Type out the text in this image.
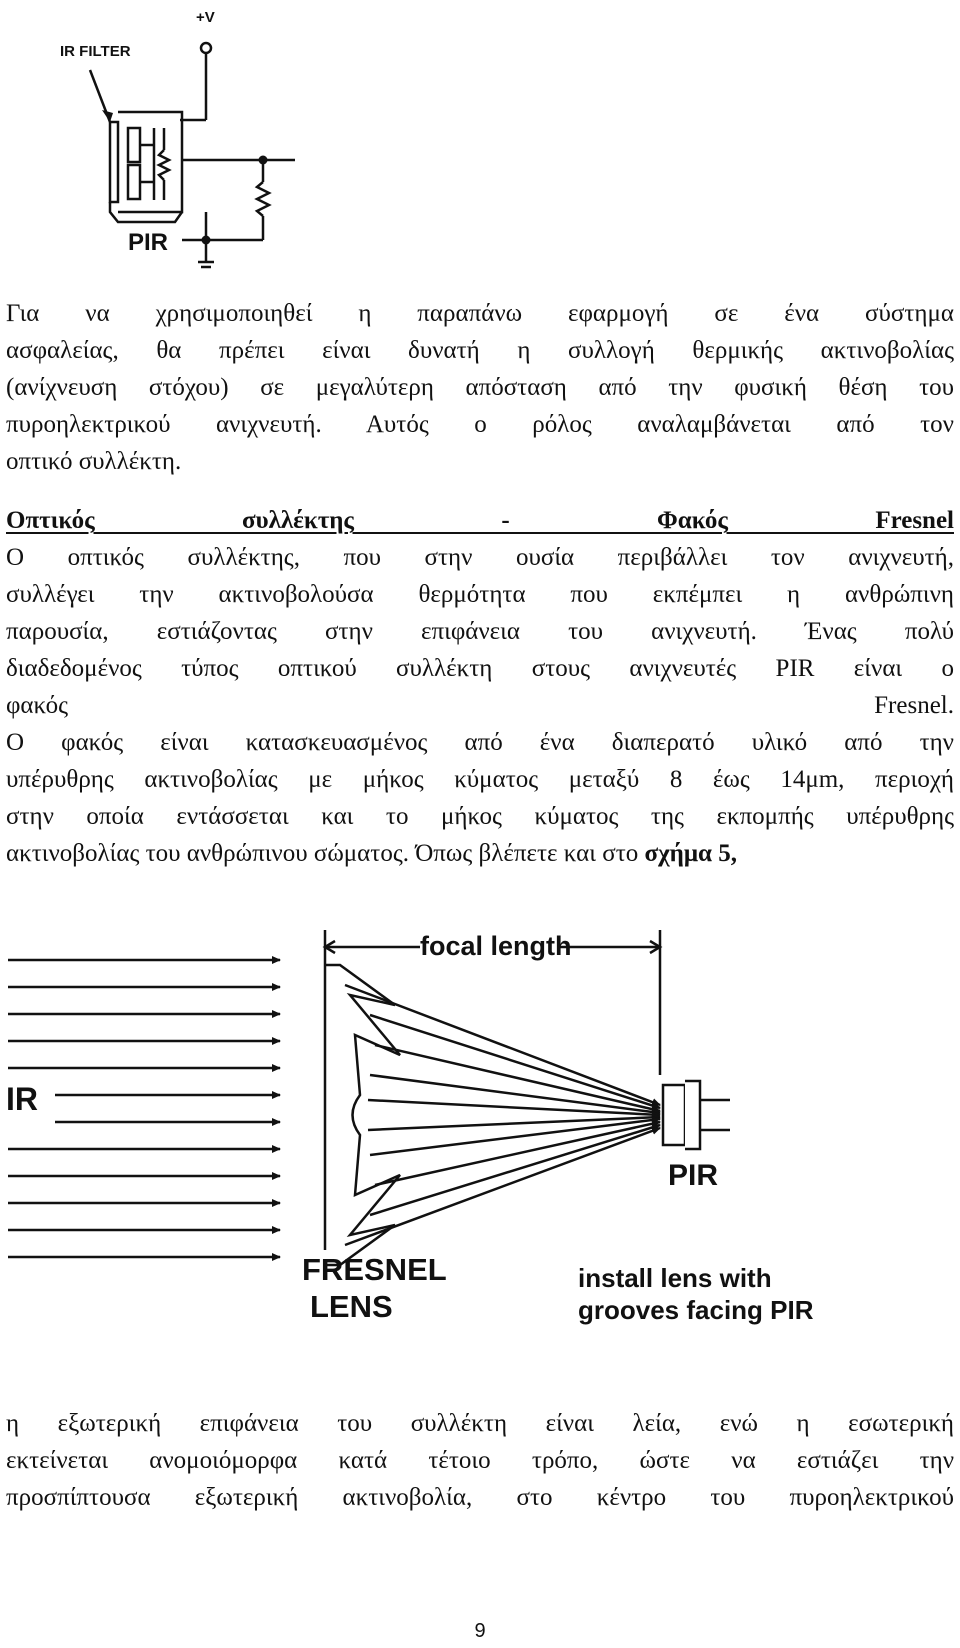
IR FILTER
+V
PIR
Για να χρησιμοποιηθεί η παραπάνω εφαρμογή σε ένα σύστημα
ασφαλείας, θα πρέπει είναι δυνατή η συλλογή θερμικής ακτινοβολίας
(ανίχνευση στόχου) σε μεγαλύτερη απόσταση από την φυσική θέση του
πυροηλεκτρικού ανιχνευτή. Αυτός ο ρόλος αναλαμβάνεται από τον
οπτικό συλλέκτη.
Οπτικός συλλέκτης - Φακός Fresnel
Ο οπτικός συλλέκτης, που στην ουσία περιβάλλει τον ανιχνευτή,
συλλέγει την ακτινοβολούσα θερμότητα που εκπέμπει η ανθρώπινη
παρουσία, εστιάζοντας στην επιφάνεια του ανιχνευτή. Ένας πολύ
διαδεδομένος τύπος οπτικού συλλέκτη στους ανιχνευτές PIR είναι ο
φακός Fresnel.
Ο φακός είναι κατασκευασμένος από ένα διαπερατό υλικό από την
υπέρυθρης ακτινοβολίας με μήκος κύματος μεταξύ 8 έως 14μm, περιοχή
στην οποία εντάσσεται και το μήκος κύματος της εκπομπής υπέρυθρης
ακτινοβολίας του ανθρώπινου σώματος. Όπως βλέπετε και στο σχήμα 5,
focal length
IR
PIR
FRESNEL
LENS
install lens with
grooves facing PIR
η εξωτερική επιφάνεια του συλλέκτη είναι λεία, ενώ η εσωτερική
εκτείνεται ανομοιόμορφα κατά τέτοιο τρόπο, ώστε να εστιάζει την
προσπίπτουσα εξωτερική ακτινοβολία, στο κέντρο του πυροηλεκτρικού
9
